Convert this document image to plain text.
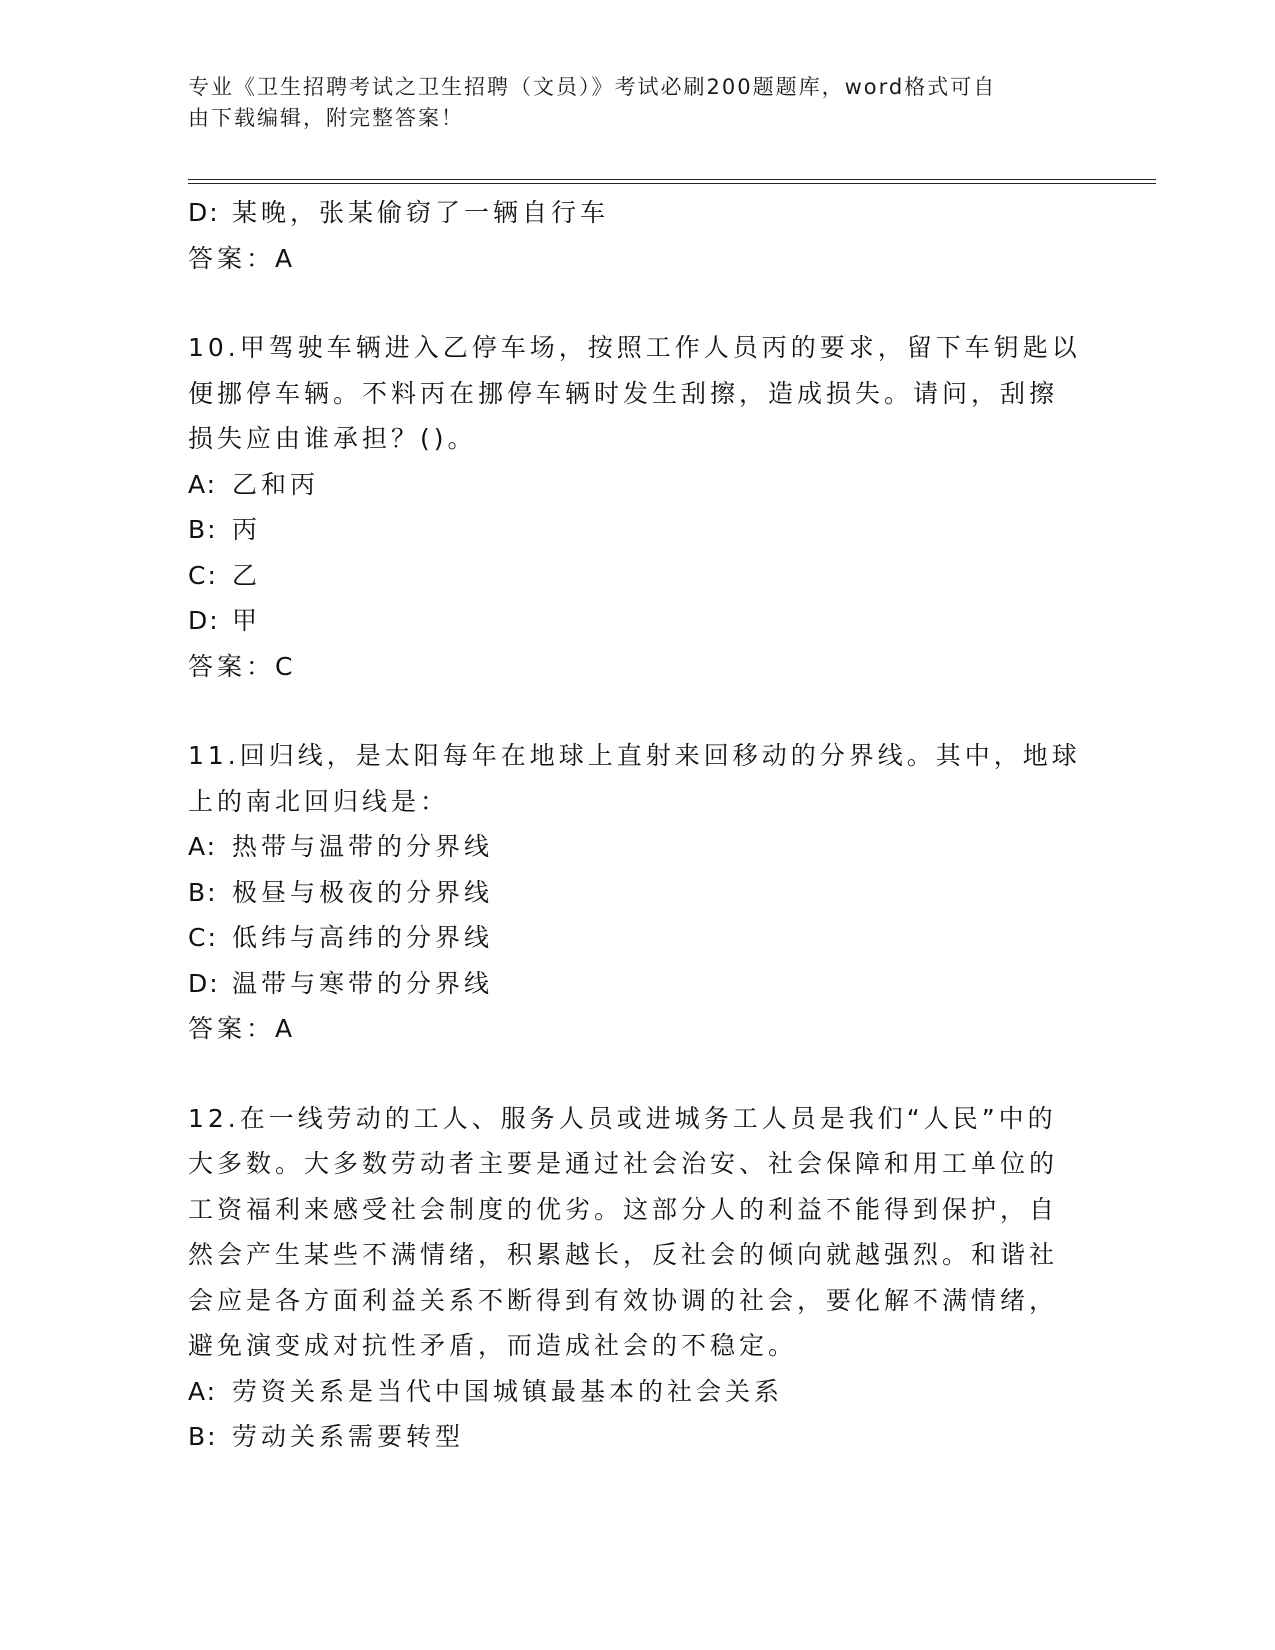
专业《卫生招聘考试之卫生招聘（文员）》考试必刷200题题库，word格式可自
由下载编辑，附完整答案！
D: 某晚，张某偷窃了一辆自行车
答案：A
10.甲驾驶车辆进入乙停车场，按照工作人员丙的要求，留下车钥匙以
便挪停车辆。不料丙在挪停车辆时发生刮擦，造成损失。请问，刮擦
损失应由谁承担？()。
A: 乙和丙
B: 丙
C: 乙
D: 甲
答案：C
11.回归线，是太阳每年在地球上直射来回移动的分界线。其中，地球
上的南北回归线是：
A: 热带与温带的分界线
B: 极昼与极夜的分界线
C: 低纬与高纬的分界线
D: 温带与寒带的分界线
答案：A
12.在一线劳动的工人、服务人员或进城务工人员是我们“人民”中的
大多数。大多数劳动者主要是通过社会治安、社会保障和用工单位的
工资福利来感受社会制度的优劣。这部分人的利益不能得到保护，自
然会产生某些不满情绪，积累越长，反社会的倾向就越强烈。和谐社
会应是各方面利益关系不断得到有效协调的社会，要化解不满情绪，
避免演变成对抗性矛盾，而造成社会的不稳定。
A: 劳资关系是当代中国城镇最基本的社会关系
B: 劳动关系需要转型
